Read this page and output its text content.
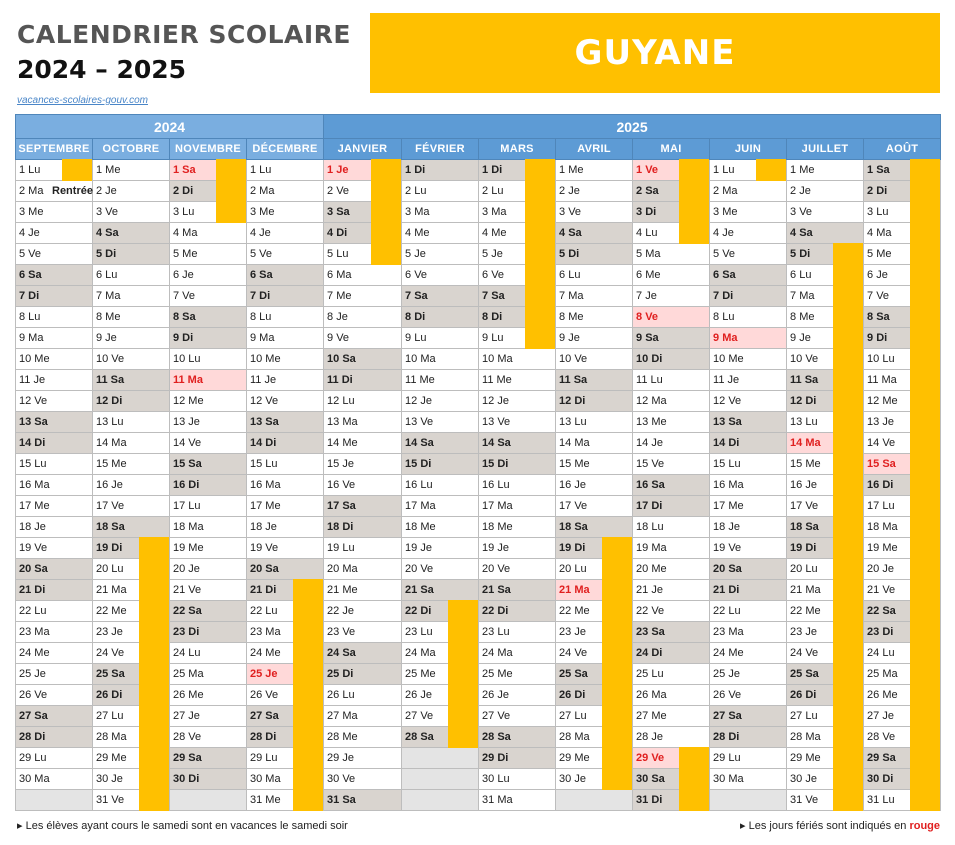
CALENDRIER SCOLAIRE
2024 – 2025
vacances-scolaires-gouv.com
GUYANE
2024				2025							
SEPTEMBRE	OCTOBRE	NOVEMBRE	DÉCEMBRE	JANVIER	FÉVRIER	MARS	AVRIL	MAI	JUIN	JUILLET	AOÛT

1 Lu	1 Me	1 Sa	1 Lu	1 Je	1 Di	1 Di	1 Me	1 Ve	1 Lu	1 Me	1 Sa

2 Ma Rentrée	2 Je	2 Di	2 Ma	2 Ve	2 Lu	2 Lu	2 Je	2 Sa	2 Ma	2 Je	2 Di

3 Me	3 Ve	3 Lu	3 Me	3 Sa	3 Ma	3 Ma	3 Ve	3 Di	3 Me	3 Ve	3 Lu

4 Je	4 Sa	4 Ma	4 Je	4 Di	4 Me	4 Me	4 Sa	4 Lu	4 Je	4 Sa	4 Ma

5 Ve	5 Di	5 Me	5 Ve	5 Lu	5 Je	5 Je	5 Di	5 Ma	5 Ve	5 Di	5 Me

6 Sa	6 Lu	6 Je	6 Sa	6 Ma	6 Ve	6 Ve	6 Lu	6 Me	6 Sa	6 Lu	6 Je

7 Di	7 Ma	7 Ve	7 Di	7 Me	7 Sa	7 Sa	7 Ma	7 Je	7 Di	7 Ma	7 Ve

8 Lu	8 Me	8 Sa	8 Lu	8 Je	8 Di	8 Di	8 Me	8 Ve	8 Lu	8 Me	8 Sa

9 Ma	9 Je	9 Di	9 Ma	9 Ve	9 Lu	9 Lu	9 Je	9 Sa	9 Ma	9 Je	9 Di

10 Me	10 Ve	10 Lu	10 Me	10 Sa	10 Ma	10 Ma	10 Ve	10 Di	10 Me	10 Ve	10 Lu

11 Je	11 Sa	11 Ma	11 Je	11 Di	11 Me	11 Me	11 Sa	11 Lu	11 Je	11 Sa	11 Ma

12 Ve	12 Di	12 Me	12 Ve	12 Lu	12 Je	12 Je	12 Di	12 Ma	12 Ve	12 Di	12 Me

13 Sa	13 Lu	13 Je	13 Sa	13 Ma	13 Ve	13 Ve	13 Lu	13 Me	13 Sa	13 Lu	13 Je

14 Di	14 Ma	14 Ve	14 Di	14 Me	14 Sa	14 Sa	14 Ma	14 Je	14 Di	14 Ma	14 Ve

15 Lu	15 Me	15 Sa	15 Lu	15 Je	15 Di	15 Di	15 Me	15 Ve	15 Lu	15 Me	15 Sa

16 Ma	16 Je	16 Di	16 Ma	16 Ve	16 Lu	16 Lu	16 Je	16 Sa	16 Ma	16 Je	16 Di

17 Me	17 Ve	17 Lu	17 Me	17 Sa	17 Ma	17 Ma	17 Ve	17 Di	17 Me	17 Ve	17 Lu

18 Je	18 Sa	18 Ma	18 Je	18 Di	18 Me	18 Me	18 Sa	18 Lu	18 Je	18 Sa	18 Ma

19 Ve	19 Di	19 Me	19 Ve	19 Lu	19 Je	19 Je	19 Di	19 Ma	19 Ve	19 Di	19 Me

20 Sa	20 Lu	20 Je	20 Sa	20 Ma	20 Ve	20 Ve	20 Lu	20 Me	20 Sa	20 Lu	20 Je

21 Di	21 Ma	21 Ve	21 Di	21 Me	21 Sa	21 Sa	21 Ma	21 Je	21 Di	21 Ma	21 Ve

22 Lu	22 Me	22 Sa	22 Lu	22 Je	22 Di	22 Di	22 Me	22 Ve	22 Lu	22 Me	22 Sa

23 Ma	23 Je	23 Di	23 Ma	23 Ve	23 Lu	23 Lu	23 Je	23 Sa	23 Ma	23 Je	23 Di

24 Me	24 Ve	24 Lu	24 Me	24 Sa	24 Ma	24 Ma	24 Ve	24 Di	24 Me	24 Ve	24 Lu

25 Je	25 Sa	25 Ma	25 Je	25 Di	25 Me	25 Me	25 Sa	25 Lu	25 Je	25 Sa	25 Ma

26 Ve	26 Di	26 Me	26 Ve	26 Lu	26 Je	26 Je	26 Di	26 Ma	26 Ve	26 Di	26 Me

27 Sa	27 Lu	27 Je	27 Sa	27 Ma	27 Ve	27 Ve	27 Lu	27 Me	27 Sa	27 Lu	27 Je

28 Di	28 Ma	28 Ve	28 Di	28 Me	28 Sa	28 Sa	28 Ma	28 Je	28 Di	28 Ma	28 Ve

29 Lu	29 Me	29 Sa	29 Lu	29 Je		29 Di	29 Me	29 Ve	29 Lu	29 Me	29 Sa

30 Ma	30 Je	30 Di	30 Ma	30 Ve		30 Lu	30 Je	30 Sa	30 Ma	30 Je	30 Di

	31 Ve		31 Me	31 Sa		31 Ma		31 Di		31 Ve	31 Lu
▸ Les élèves ayant cours le samedi sont en vacances le samedi soir	▸ Les jours fériés sont indiqués en rouge
